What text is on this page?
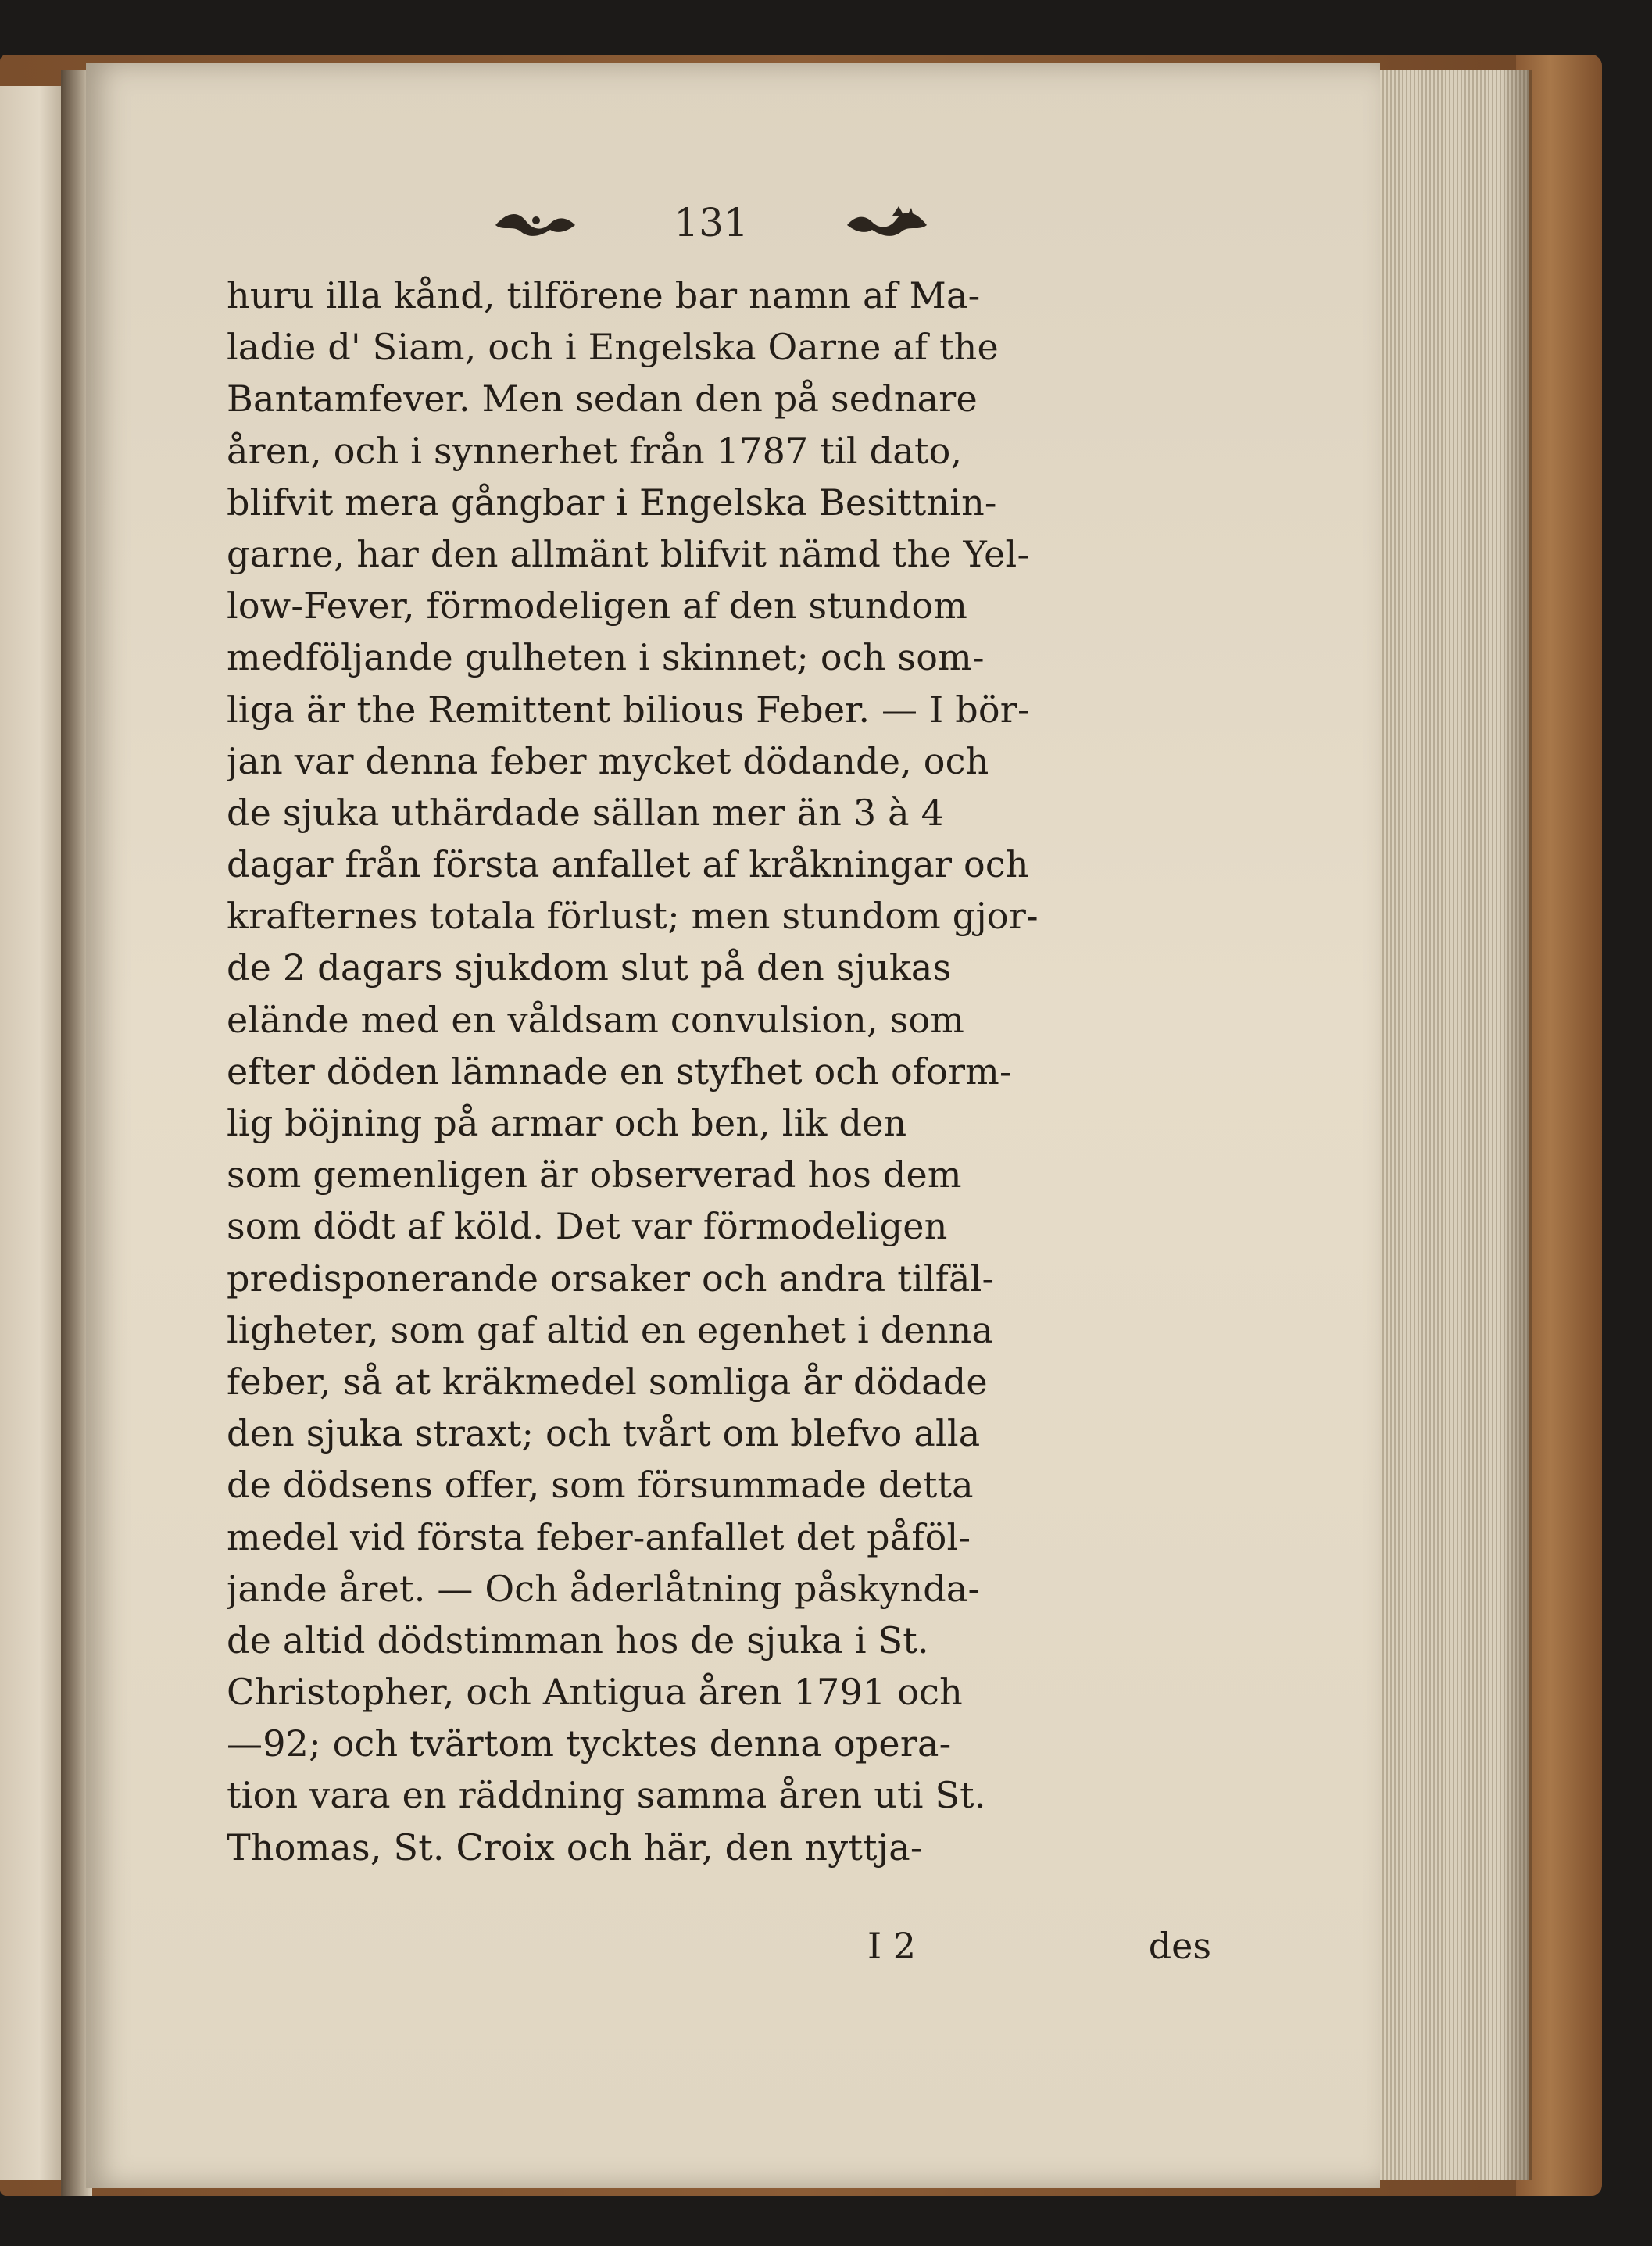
131
huru illa kånd, tilförene bar namn af Ma-
ladie d' Siam, och i Engelska Oarne af the
Bantamfever. Men sedan den på sednare
åren, och i synnerhet från 1787 til dato,
blifvit mera gångbar i Engelska Besittnin-
garne, har den allmänt blifvit nämd the Yel-
low-Fever, förmodeligen af den stundom
medföljande gulheten i skinnet; och som-
liga är the Remittent bilious Feber. — I bör-
jan var denna feber mycket dödande, och
de sjuka uthärdade sällan mer än 3 à 4
dagar från första anfallet af kråkningar och
krafternes totala förlust; men stundom gjor-
de 2 dagars sjukdom slut på den sjukas
elände med en våldsam convulsion, som
efter döden lämnade en styfhet och oform-
lig böjning på armar och ben, lik den
som gemenligen är observerad hos dem
som dödt af köld. Det var förmodeligen
predisponerande orsaker och andra tilfäl-
ligheter, som gaf altid en egenhet i denna
feber, så at kräkmedel somliga år dödade
den sjuka straxt; och tvårt om blefvo alla
de dödsens offer, som försummade detta
medel vid första feber-anfallet det påföl-
jande året. — Och åderlåtning påskynda-
de altid dödstimman hos de sjuka i St.
Christopher, och Antigua åren 1791 och
—92; och tvärtom tycktes denna opera-
tion vara en räddning samma åren uti St.
Thomas, St. Croix och här, den nyttja-
I 2	des
